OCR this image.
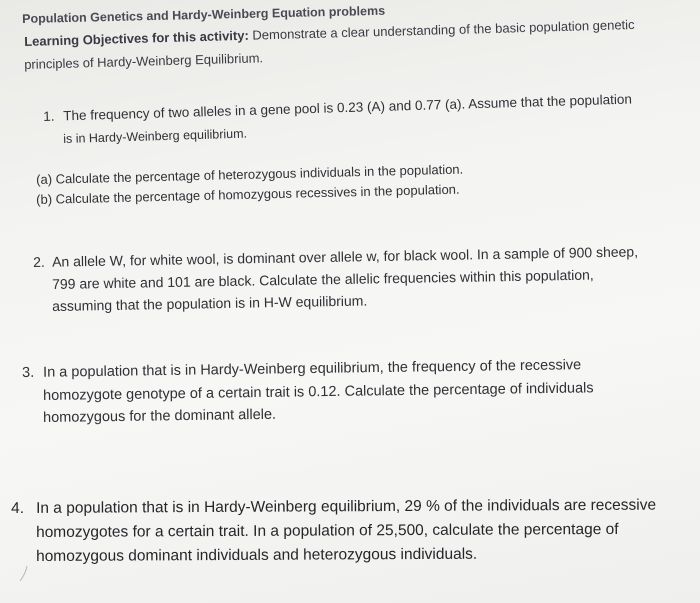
Population Genetics and Hardy-Weinberg Equation problems
Learning Objectives for this activity: Demonstrate a clear understanding of the basic population genetic
principles of Hardy-Weinberg Equilibrium.
1. The frequency of two alleles in a gene pool is 0.23 (A) and 0.77 (a). Assume that the population
is in Hardy-Weinberg equilibrium.
(a) Calculate the percentage of heterozygous individuals in the population.
(b) Calculate the percentage of homozygous recessives in the population.
2. An allele W, for white wool, is dominant over allele w, for black wool. In a sample of 900 sheep,
799 are white and 101 are black. Calculate the allelic frequencies within this population,
assuming that the population is in H-W equilibrium.
3. In a population that is in Hardy-Weinberg equilibrium, the frequency of the recessive
homozygote genotype of a certain trait is 0.12. Calculate the percentage of individuals
homozygous for the dominant allele.
4. In a population that is in Hardy-Weinberg equilibrium, 29 % of the individuals are recessive
homozygotes for a certain trait. In a population of 25,500, calculate the percentage of
homozygous dominant individuals and heterozygous individuals.
